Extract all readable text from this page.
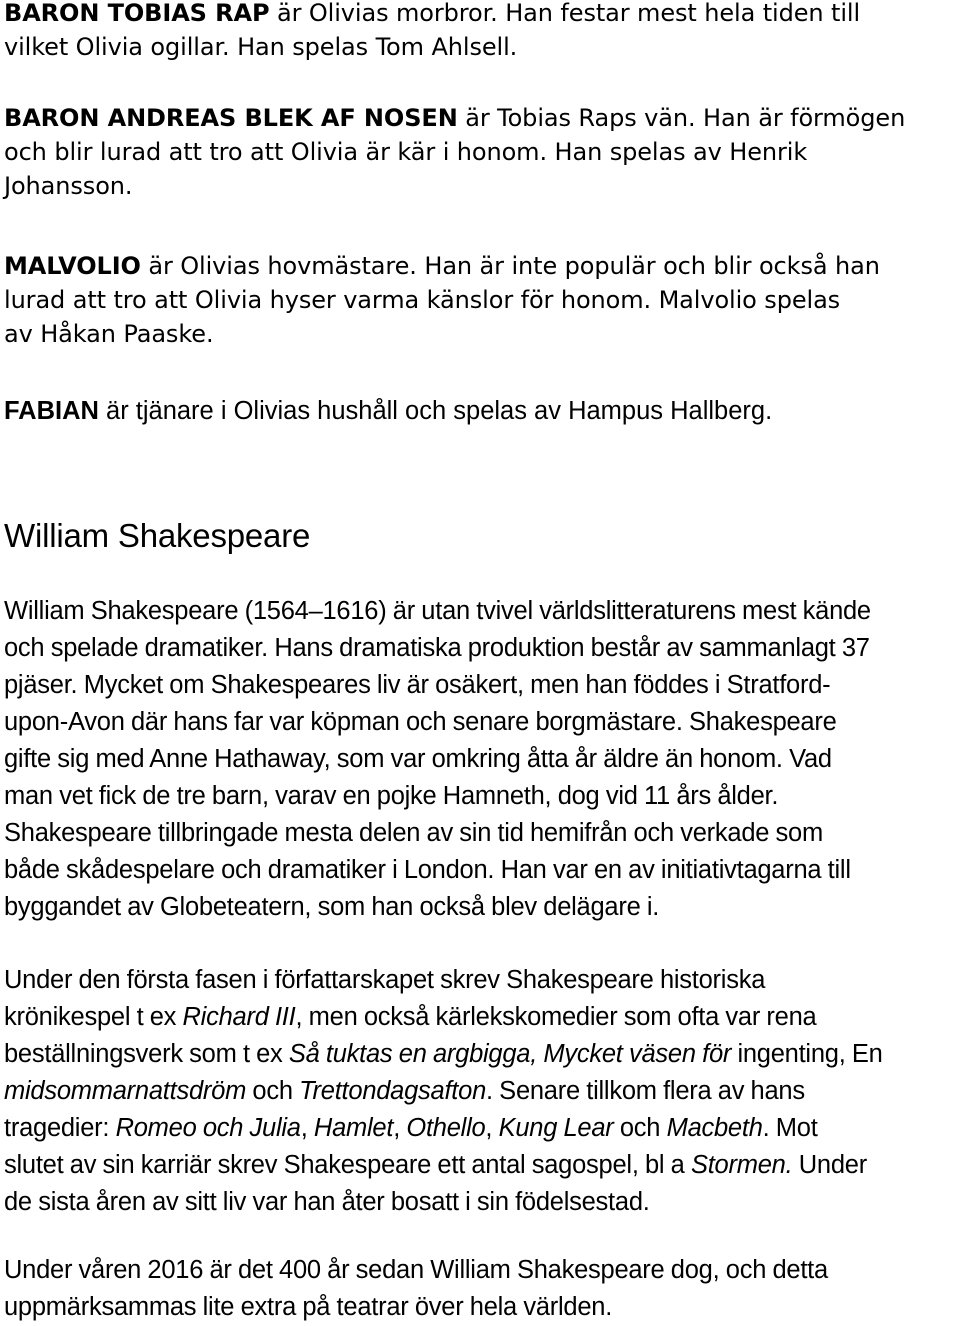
BARON TOBIAS RAP är Olivias morbror. Han festar mest hela tiden till
vilket Olivia ogillar. Han spelas Tom Ahlsell.

BARON ANDREAS BLEK AF NOSEN är Tobias Raps vän. Han är förmögen
och blir lurad att tro att Olivia är kär i honom. Han spelas av Henrik
Johansson.

MALVOLIO är Olivias hovmästare. Han är inte populär och blir också han
lurad att tro att Olivia hyser varma känslor för honom. Malvolio spelas
av Håkan Paaske.

FABIAN är tjänare i Olivias hushåll och spelas av Hampus Hallberg.

William Shakespeare

William Shakespeare (1564–1616) är utan tvivel världslitteraturens mest kände
och spelade dramatiker. Hans dramatiska produktion består av sammanlagt 37
pjäser. Mycket om Shakespeares liv är osäkert, men han föddes i Stratford-
upon-Avon där hans far var köpman och senare borgmästare. Shakespeare
gifte sig med Anne Hathaway, som var omkring åtta år äldre än honom. Vad
man vet fick de tre barn, varav en pojke Hamneth, dog vid 11 års ålder.
Shakespeare tillbringade mesta delen av sin tid hemifrån och verkade som
både skådespelare och dramatiker i London. Han var en av initiativtagarna till
byggandet av Globeteatern, som han också blev delägare i.

Under den första fasen i författarskapet skrev Shakespeare historiska
krönikespel t ex Richard III, men också kärlekskomedier som ofta var rena
beställningsverk som t ex Så tuktas en argbigga, Mycket väsen för ingenting, En
midsommarnattsdröm och Trettondagsafton. Senare tillkom flera av hans
tragedier: Romeo och Julia, Hamlet, Othello, Kung Lear och Macbeth. Mot
slutet av sin karriär skrev Shakespeare ett antal sagospel, bl a Stormen. Under
de sista åren av sitt liv var han åter bosatt i sin födelsestad.

Under våren 2016 är det 400 år sedan William Shakespeare dog, och detta
uppmärksammas lite extra på teatrar över hela världen.
